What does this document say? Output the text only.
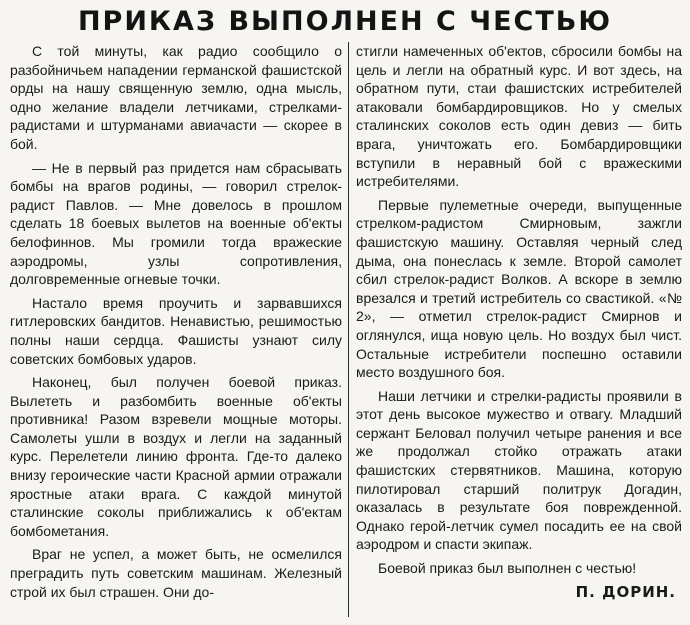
ПРИКАЗ ВЫПОЛНЕН С ЧЕСТЬЮ

С той минуты, как радио сообщило о разбойничьем нападении германской фашистской орды на нашу священную землю, одна мысль, одно желание владели летчиками, стрелками-радистами и штурманами авиачасти — скорее в бой.

— Не в первый раз придется нам сбрасывать бомбы на врагов родины, — говорил стрелок-радист Павлов. — Мне довелось в прошлом сделать 18 боевых вылетов на военные об'екты белофиннов. Мы громили тогда вражеские аэродромы, узлы сопротивления, долговременные огневые точки.

Настало время проучить и зарвавшихся гитлеровских бандитов. Ненавистью, решимостью полны наши сердца. Фашисты узнают силу советских бомбовых ударов.

Наконец, был получен боевой приказ. Вылететь и разбомбить военные об'екты противника! Разом взревели мощные моторы. Самолеты ушли в воздух и легли на заданный курс. Перелетели линию фронта. Где-то далеко внизу героические части Красной армии отражали яростные атаки врага. С каждой минутой сталинские соколы приближались к об'ектам бомбометания.

Враг не успел, а может быть, не осмелился преградить путь советским машинам. Железный строй их был страшен. Они до-

стигли намеченных об'ектов, сбросили бомбы на цель и легли на обратный курс. И вот здесь, на обратном пути, стаи фашистских истребителей атаковали бомбардировщиков. Но у смелых сталинских соколов есть один девиз — бить врага, уничтожать его. Бомбардировщики вступили в неравный бой с вражескими истребителями.

Первые пулеметные очереди, выпущенные стрелком-радистом Смирновым, зажгли фашистскую машину. Оставляя черный след дыма, она понеслась к земле. Второй самолет сбил стрелок-радист Волков. А вскоре в землю врезался и третий истребитель со свастикой. «№ 2», — отметил стрелок-радист Смирнов и оглянулся, ища новую цель. Но воздух был чист. Остальные истребители поспешно оставили место воздушного боя.

Наши летчики и стрелки-радисты проявили в этот день высокое мужество и отвагу. Младший сержант Беловал получил четыре ранения и все же продолжал стойко отражать атаки фашистских стервятников. Машина, которую пилотировал старший политрук Догадин, оказалась в результате боя поврежденной. Однако герой-летчик сумел посадить ее на свой аэродром и спасти экипаж.

Боевой приказ был выполнен с честью!

П. ДОРИН.
